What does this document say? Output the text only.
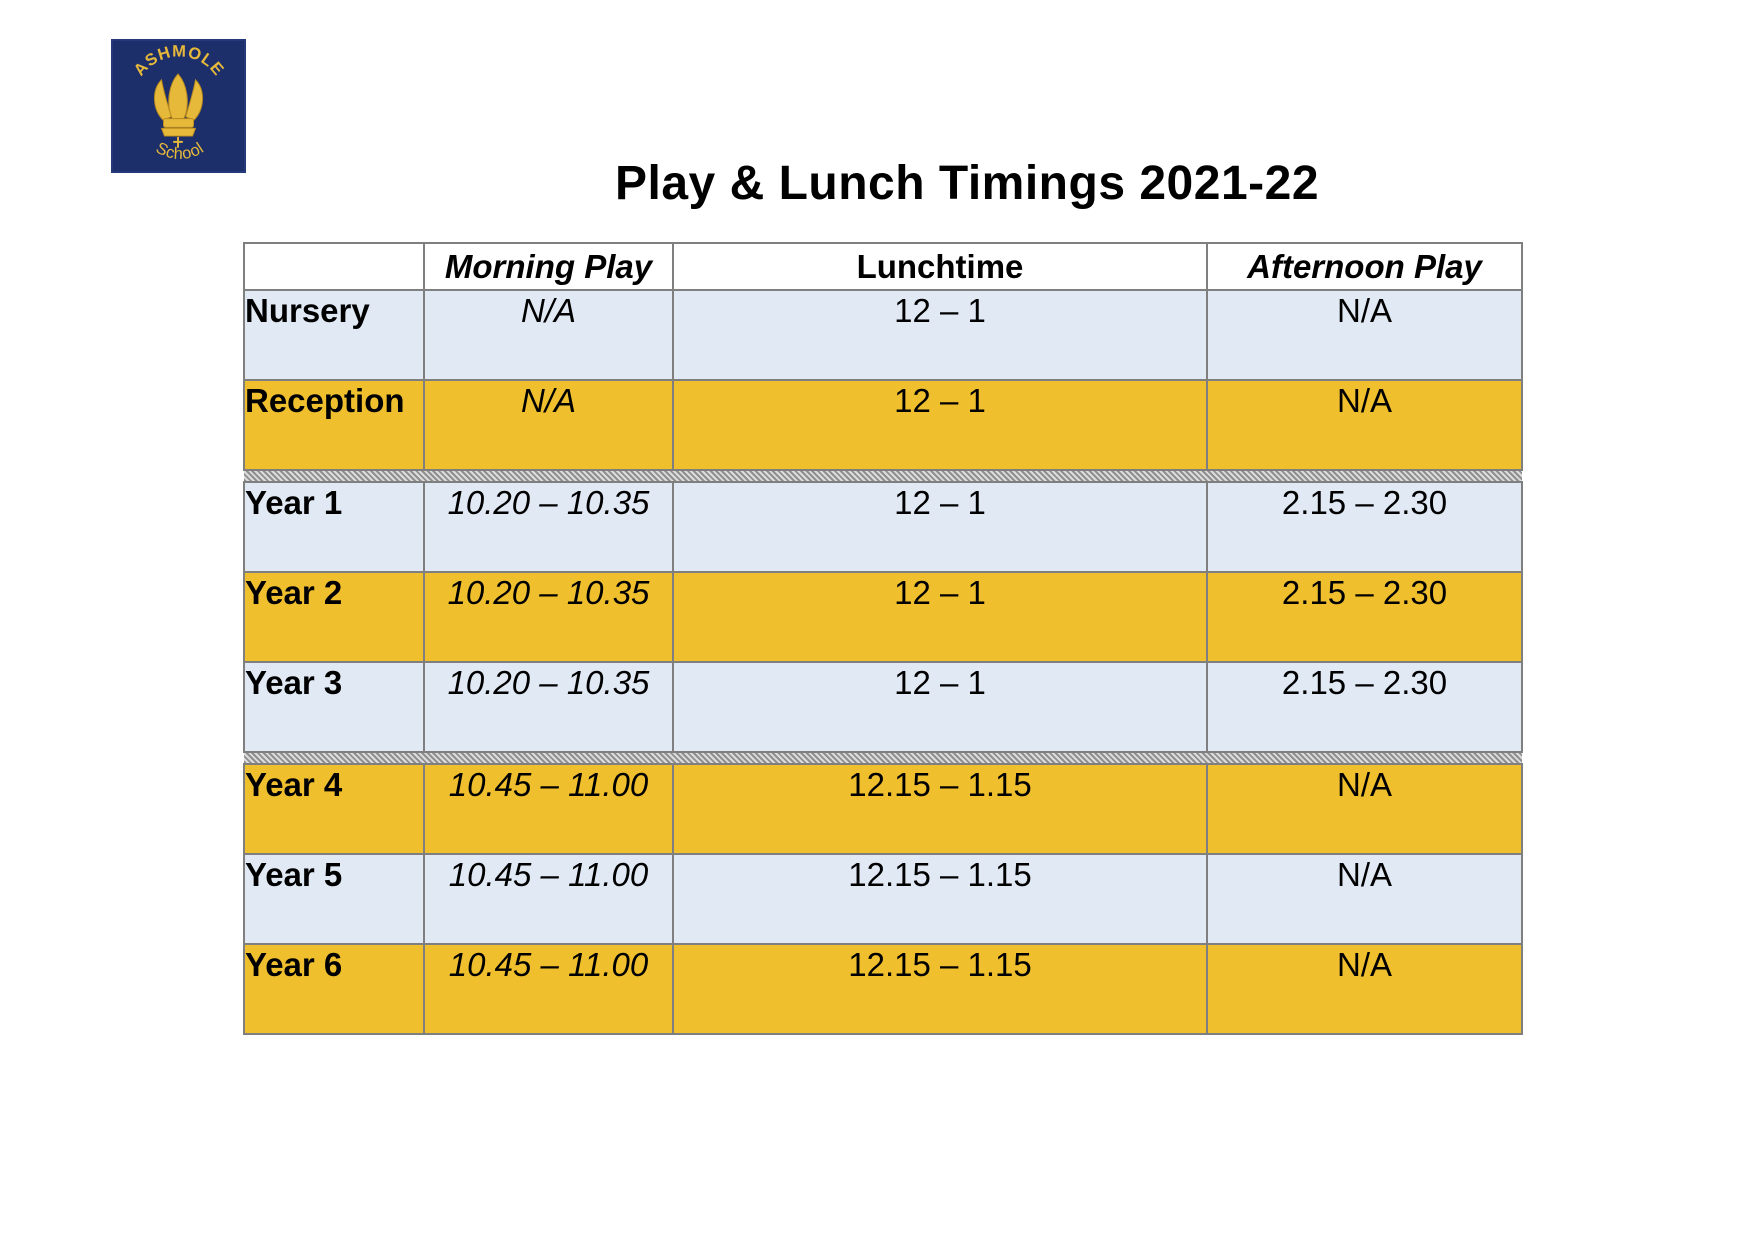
ASHMOLE
School
Play & Lunch Timings 2021-22
	Morning Play	Lunchtime	Afternoon Play
Nursery	N/A	12 – 1	N/A
Reception	N/A	12 – 1	N/A

Year 1	10.20 – 10.35	12 – 1	2.15 – 2.30
Year 2	10.20 – 10.35	12 – 1	2.15 – 2.30
Year 3	10.20 – 10.35	12 – 1	2.15 – 2.30

Year 4	10.45 – 11.00	12.15 – 1.15	N/A
Year 5	10.45 – 11.00	12.15 – 1.15	N/A
Year 6	10.45 – 11.00	12.15 – 1.15	N/A
